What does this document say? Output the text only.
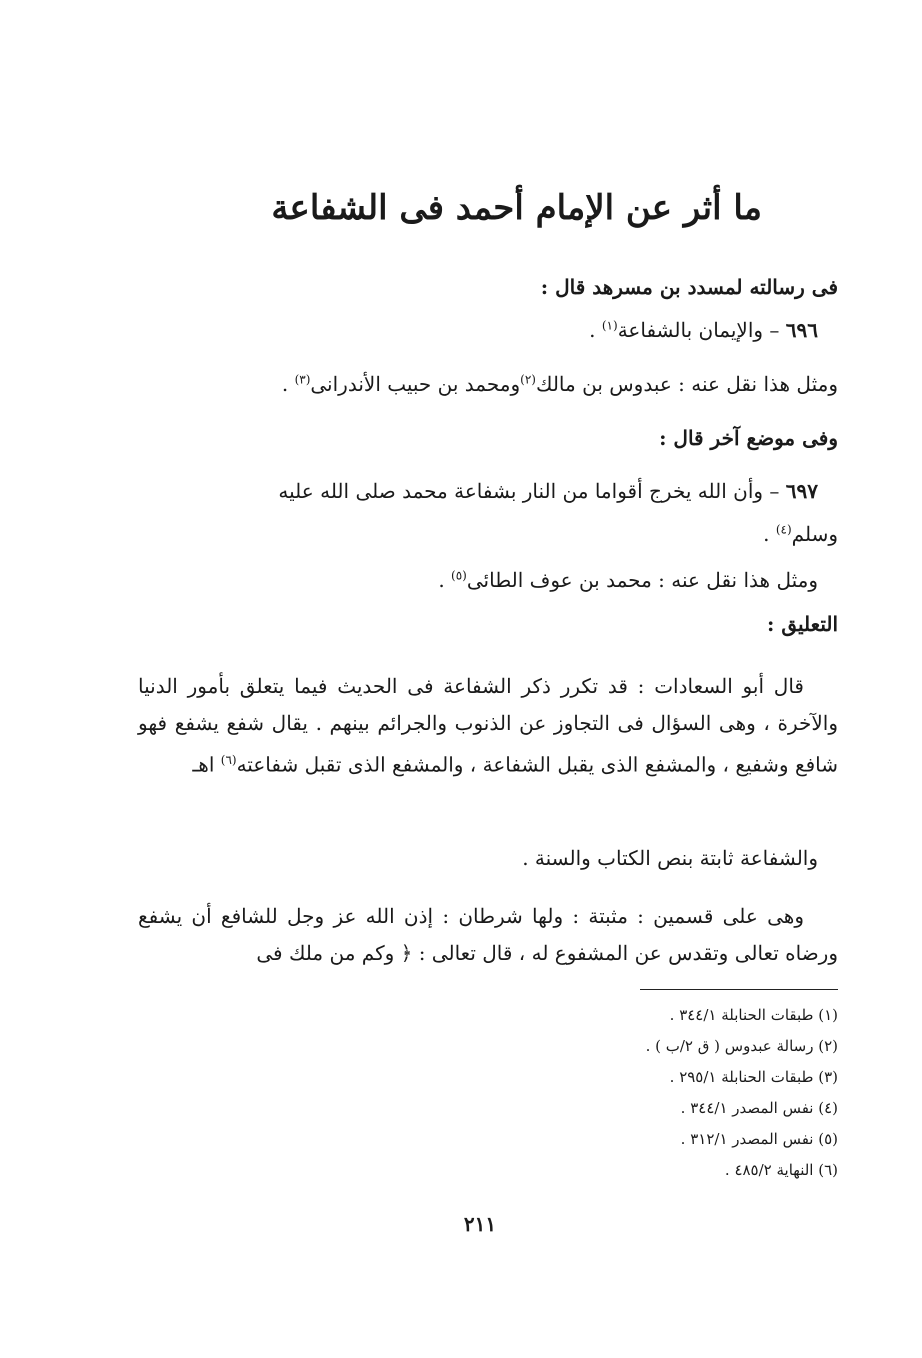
ما أثر عن الإمام أحمد فى الشفاعة
فى رسالته لمسدد بن مسرهد قال :
٦٩٦ – والإيمان بالشفاعة$^{(١)}$ .
ومثل هذا نقل عنه : عبدوس بن مالك$^{(٢)}$ومحمد بن حبيب الأندرانى$^{(٣)}$ .
وفى موضع آخر قال :
٦٩٧ – وأن الله يخرج أقواما من النار بشفاعة محمد صلى الله عليه
وسلم$^{(٤)}$ .
ومثل هذا نقل عنه : محمد بن عوف الطائى$^{(٥)}$ .
التعليق :
قال أبو السعادات : قد تكرر ذكر الشفاعة فى الحديث فيما يتعلق بأمور الدنيا والآخرة ، وهى السؤال فى التجاوز عن الذنوب والجرائم بينهم . يقال شفع يشفع فهو شافع وشفيع ، والمشفع الذى يقبل الشفاعة ، والمشفع الذى تقبل شفاعته$^{(٦)}$ اهـ
والشفاعة ثابتة بنص الكتاب والسنة .
وهى على قسمين : مثبتة : ولها شرطان : إذن الله عز وجل للشافع أن يشفع ورضاه تعالى وتقدس عن المشفوع له ، قال تعالى : ﴿ وكم من ملك فى
(١) طبقات الحنابلة ٣٤٤/١ .
(٢) رسالة عبدوس ( ق ٢/ب ) .
(٣) طبقات الحنابلة ٢٩٥/١ .
(٤) نفس المصدر ٣٤٤/١ .
(٥) نفس المصدر ٣١٢/١ .
(٦) النهاية ٤٨٥/٢ .
٢١١
